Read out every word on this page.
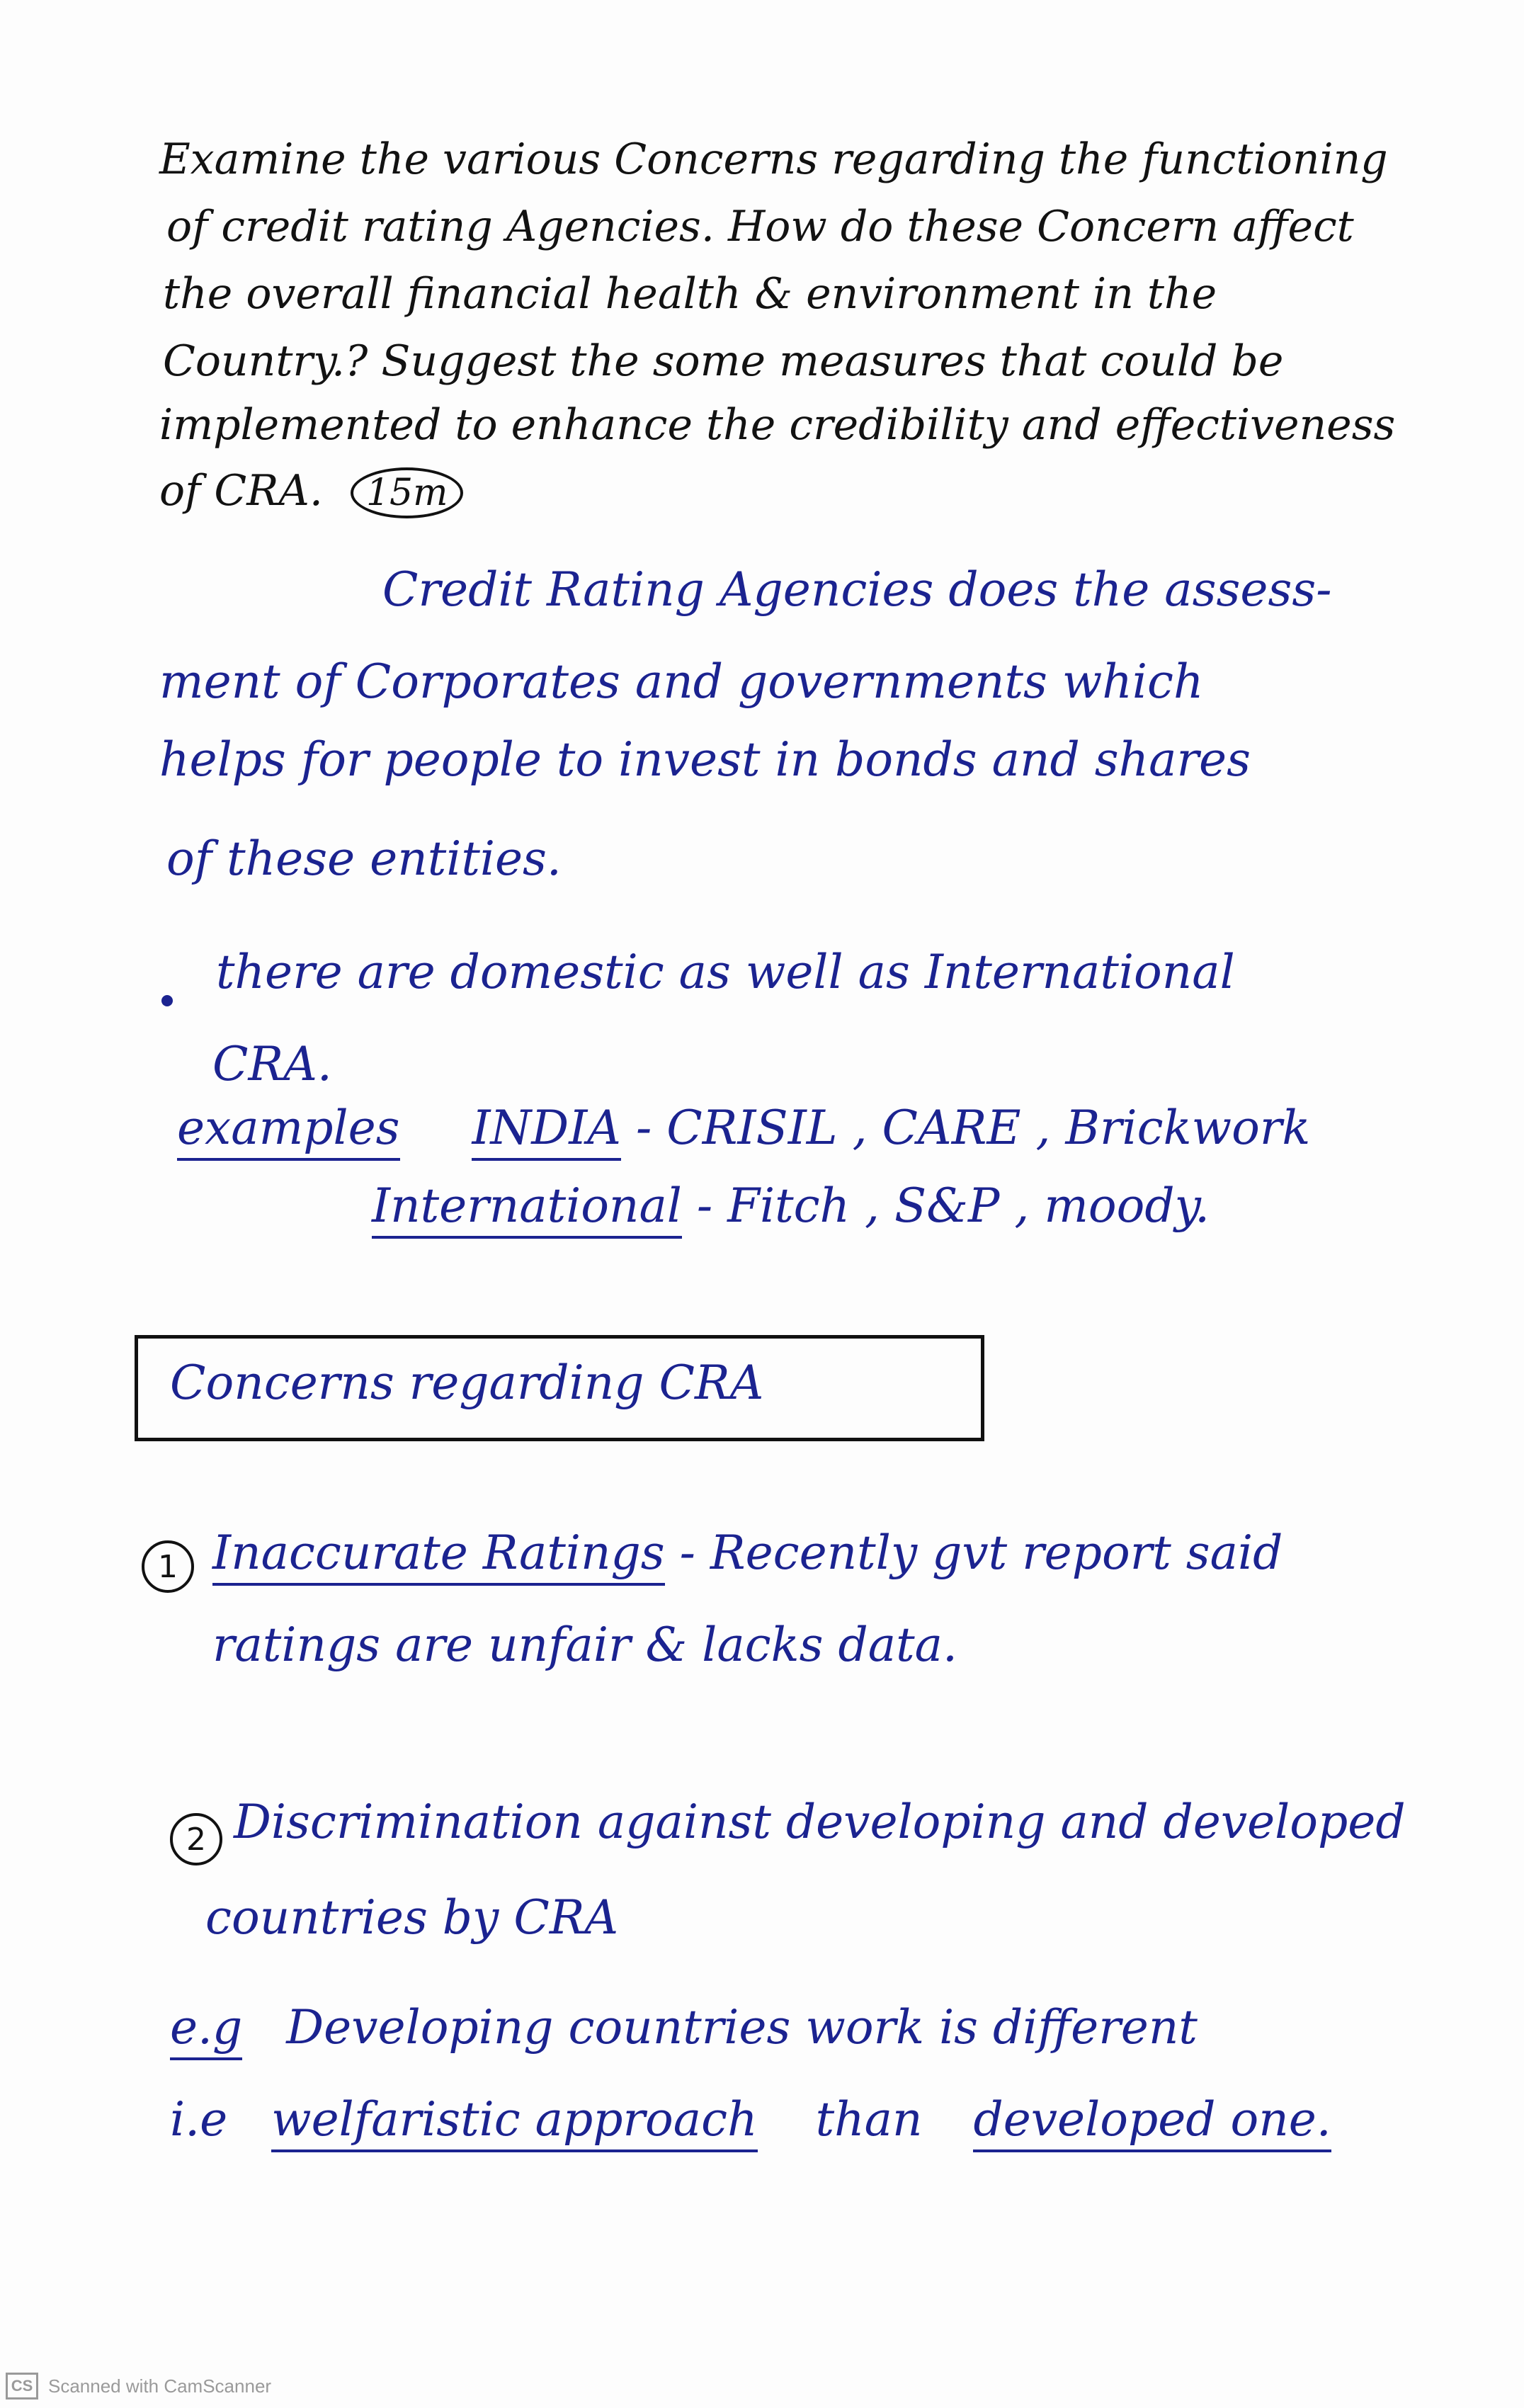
Examine the various Concerns regarding the functioning
of credit rating Agencies. How do these Concern affect
the overall financial health & environment in the
Country.? Suggest the some measures that could be
implemented to enhance the credibility and effectiveness
of CRA. 15m
Credit Rating Agencies does the assess-
ment of Corporates and governments which
helps for people to invest in bonds and shares
of these entities.
there are domestic as well as International
CRA.
examples INDIA - CRISIL , CARE , Brickwork
International - Fitch , S&P , moody.
Concerns regarding CRA
1 Inaccurate Ratings - Recently gvt report said
ratings are unfair & lacks data.
2 Discrimination against developing and developed
countries by CRA
e.g Developing countries work is different
i.e welfaristic approach than developed one.
CS Scanned with CamScanner
